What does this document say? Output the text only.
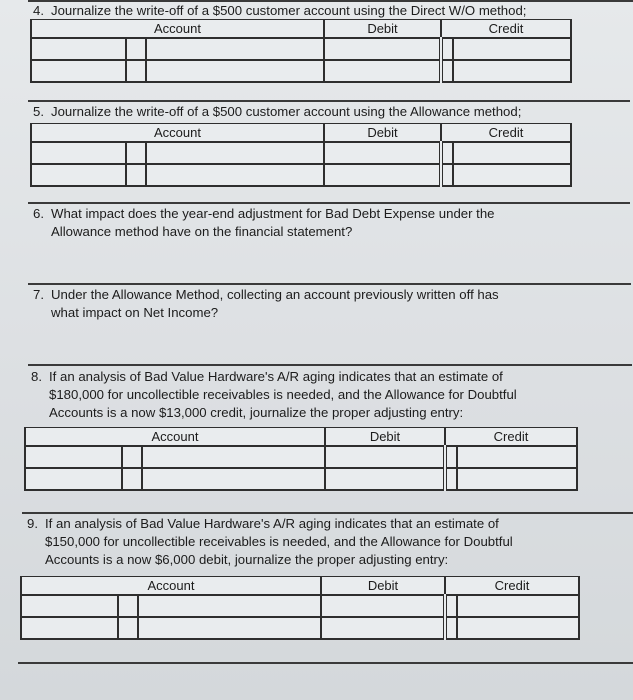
4. Journalize the write-off of a $500 customer account using the Direct W/O method;
Account			Debit	Credit	

5. Journalize the write-off of a $500 customer account using the Allowance method;
Account			Debit	Credit	

6. What impact does the year-end adjustment for Bad Debt Expense under the
Allowance method have on the financial statement?
7. Under the Allowance Method, collecting an account previously written off has
what impact on Net Income?
8. If an analysis of Bad Value Hardware's A/R aging indicates that an estimate of
$180,000 for uncollectible receivables is needed, and the Allowance for Doubtful
Accounts is a now $13,000 credit, journalize the proper adjusting entry:
Account			Debit	Credit	

9. If an analysis of Bad Value Hardware's A/R aging indicates that an estimate of
$150,000 for uncollectible receivables is needed, and the Allowance for Doubtful
Accounts is a now $6,000 debit, journalize the proper adjusting entry:
Account			Debit	Credit	
